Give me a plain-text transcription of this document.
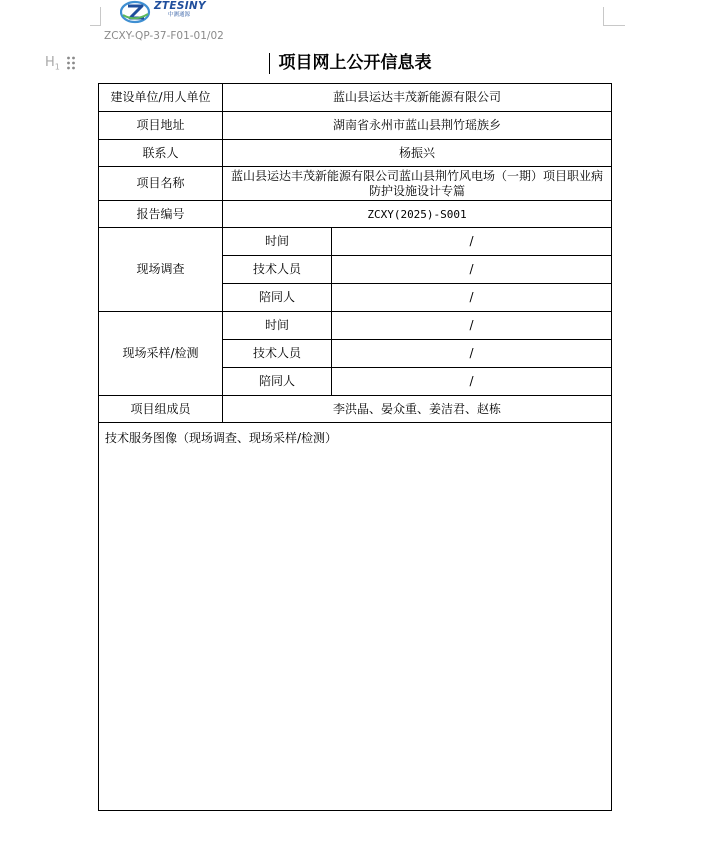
ZTESINY
中测通源
ZCXY-QP-37-F01-01/02
$H_1$	项目网上公开信息表
建设单位/用人单位	蓝山县运达丰茂新能源有限公司	
项目地址	湖南省永州市蓝山县荆竹瑶族乡	
联系人	杨振兴	
项目名称	蓝山县运达丰茂新能源有限公司蓝山县荆竹风电场（一期）项目职业病防护设施设计专篇	
报告编号	ZCXY(2025)-S001	
现场调查	时间	/
	技术人员	/
	陪同人	/
现场采样/检测	时间	/
	技术人员	/
	陪同人	/
项目组成员	李洪晶、晏众重、姜洁君、赵栋	
技术服务图像（现场调查、现场采样/检测）		
